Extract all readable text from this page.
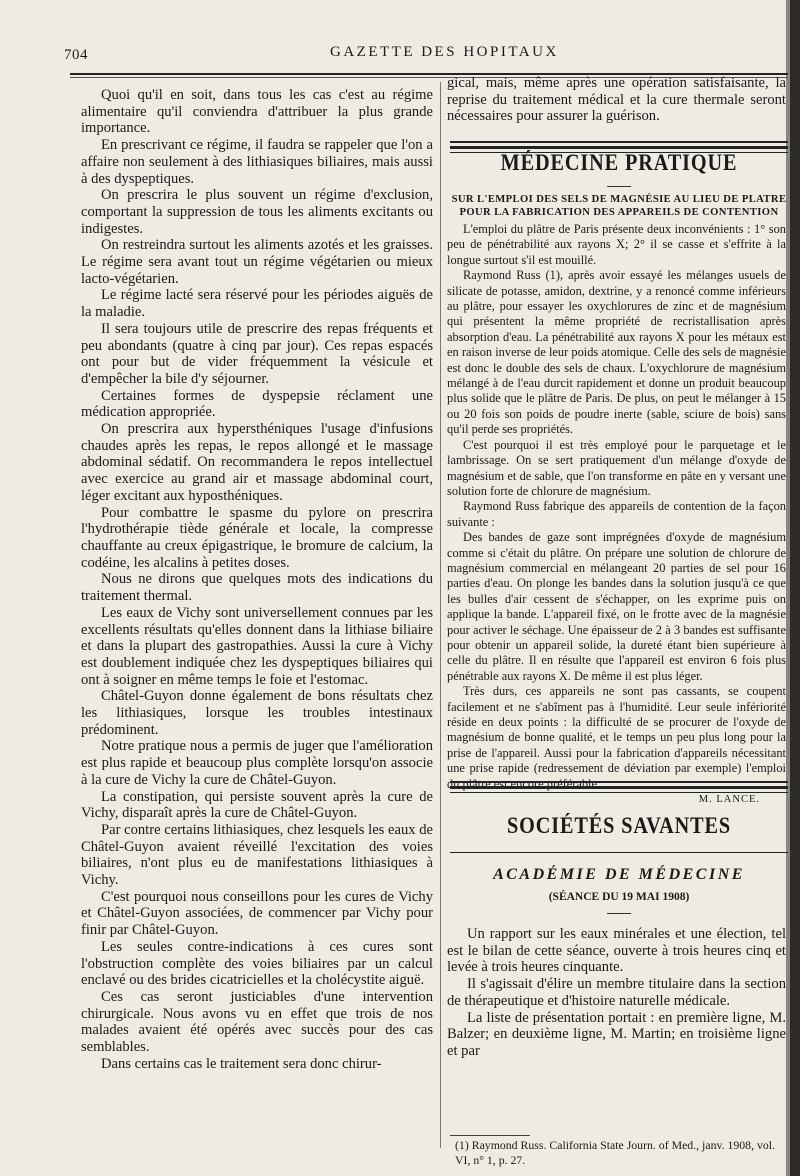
704	GAZETTE DES HOPITAUX

Quoi qu'il en soit, dans tous les cas c'est au régime alimentaire qu'il conviendra d'attribuer la plus grande importance.

En prescrivant ce régime, il faudra se rappeler que l'on a affaire non seulement à des lithiasiques biliaires, mais aussi à des dyspeptiques.

On prescrira le plus souvent un régime d'exclusion, comportant la suppression de tous les aliments excitants ou indigestes.

On restreindra surtout les aliments azotés et les graisses. Le régime sera avant tout un régime végétarien ou mieux lacto-végétarien.

Le régime lacté sera réservé pour les périodes aiguës de la maladie.

Il sera toujours utile de prescrire des repas fréquents et peu abondants (quatre à cinq par jour). Ces repas espacés ont pour but de vider fréquemment la vésicule et d'empêcher la bile d'y séjourner.

Certaines formes de dyspepsie réclament une médication appropriée.

On prescrira aux hypersthéniques l'usage d'infusions chaudes après les repas, le repos allongé et le massage abdominal sédatif. On recommandera le repos intellectuel avec exercice au grand air et massage abdominal court, léger excitant aux hyposthéniques.

Pour combattre le spasme du pylore on prescrira l'hydrothérapie tiède générale et locale, la compresse chauffante au creux épigastrique, le bromure de calcium, la codéine, les alcalins à petites doses.

Nous ne dirons que quelques mots des indications du traitement thermal.

Les eaux de Vichy sont universellement connues par les excellents résultats qu'elles donnent dans la lithiase biliaire et dans la plupart des gastropathies. Aussi la cure à Vichy est doublement indiquée chez les dyspeptiques biliaires qui ont à soigner en même temps le foie et l'estomac.

Châtel-Guyon donne également de bons résultats chez les lithiasiques, lorsque les troubles intestinaux prédominent.

Notre pratique nous a permis de juger que l'amélioration est plus rapide et beaucoup plus complète lorsqu'on associe à la cure de Vichy la cure de Châtel-Guyon.

La constipation, qui persiste souvent après la cure de Vichy, disparaît après la cure de Châtel-Guyon.

Par contre certains lithiasiques, chez lesquels les eaux de Châtel-Guyon avaient réveillé l'excitation des voies biliaires, n'ont plus eu de manifestations lithiasiques à Vichy.

C'est pourquoi nous conseillons pour les cures de Vichy et Châtel-Guyon associées, de commencer par Vichy pour finir par Châtel-Guyon.

Les seules contre-indications à ces cures sont l'obstruction complète des voies biliaires par un calcul enclavé ou des brides cicatricielles et la cholécystite aiguë.

Ces cas seront justiciables d'une intervention chirurgicale. Nous avons vu en effet que trois de nos malades avaient été opérés avec succès pour des cas semblables.

Dans certains cas le traitement sera donc chirur-

gical, mais, même après une opération satisfaisante, la reprise du traitement médical et la cure thermale seront nécessaires pour assurer la guérison.

MÉDECINE PRATIQUE
SUR L'EMPLOI DES SELS DE MAGNÉSIE AU LIEU DE PLATRE
POUR LA FABRICATION DES APPAREILS DE CONTENTION

L'emploi du plâtre de Paris présente deux inconvénients : 1° son peu de pénétrabilité aux rayons X; 2° il se casse et s'effrite à la longue surtout s'il est mouillé.

Raymond Russ (1), après avoir essayé les mélanges usuels de silicate de potasse, amidon, dextrine, y a renoncé comme inférieurs au plâtre, pour essayer les oxychlorures de zinc et de magnésium qui présentent la même propriété de recristallisation après absorption d'eau. La pénétrabilité aux rayons X pour les métaux est en raison inverse de leur poids atomique. Celle des sels de magnésie est donc le double des sels de chaux. L'oxychlorure de magnésium mélangé à de l'eau durcit rapidement et donne un produit beaucoup plus solide que le plâtre de Paris. De plus, on peut le mélanger à 15 ou 20 fois son poids de poudre inerte (sable, sciure de bois) sans qu'il perde ses propriétés.

C'est pourquoi il est très employé pour le parquetage et le lambrissage. On se sert pratiquement d'un mélange d'oxyde de magnésium et de sable, que l'on transforme en pâte en y versant une solution forte de chlorure de magnésium.

Raymond Russ fabrique des appareils de contention de la façon suivante :

Des bandes de gaze sont imprégnées d'oxyde de magnésium comme si c'était du plâtre. On prépare une solution de chlorure de magnésium commercial en mélangeant 20 parties de sel pour 16 parties d'eau. On plonge les bandes dans la solution jusqu'à ce que les bulles d'air cessent de s'échapper, on les exprime puis on applique la bande. L'appareil fixé, on le frotte avec de la magnésie pour activer le séchage. Une épaisseur de 2 à 3 bandes est suffisante pour obtenir un appareil solide, la dureté étant bien supérieure à celle du plâtre. Il en résulte que l'appareil est environ 6 fois plus pénétrable aux rayons X. De même il est plus léger.

Très durs, ces appareils ne sont pas cassants, se coupent facilement et ne s'abîment pas à l'humidité. Leur seule infériorité réside en deux points : la difficulté de se procurer de l'oxyde de magnésium de bonne qualité, et le temps un peu plus long pour la prise de l'appareil. Aussi pour la fabrication d'appareils nécessitant une prise rapide (redressement de déviation par exemple) l'emploi du plâtre est encore préférable.

M. LANCE.
SOCIÉTÉS SAVANTES
ACADÉMIE DE MÉDECINE
(SÉANCE DU 19 MAI 1908)

Un rapport sur les eaux minérales et une élection, tel est le bilan de cette séance, ouverte à trois heures cinq et levée à trois heures cinquante.

Il s'agissait d'élire un membre titulaire dans la section de thérapeutique et d'histoire naturelle médicale.

La liste de présentation portait : en première ligne, M. Balzer; en deuxième ligne, M. Martin; en troisième ligne et par

(1) Raymond Russ. California State Journ. of Med., janv. 1908, vol. VI, n° 1, p. 27.
